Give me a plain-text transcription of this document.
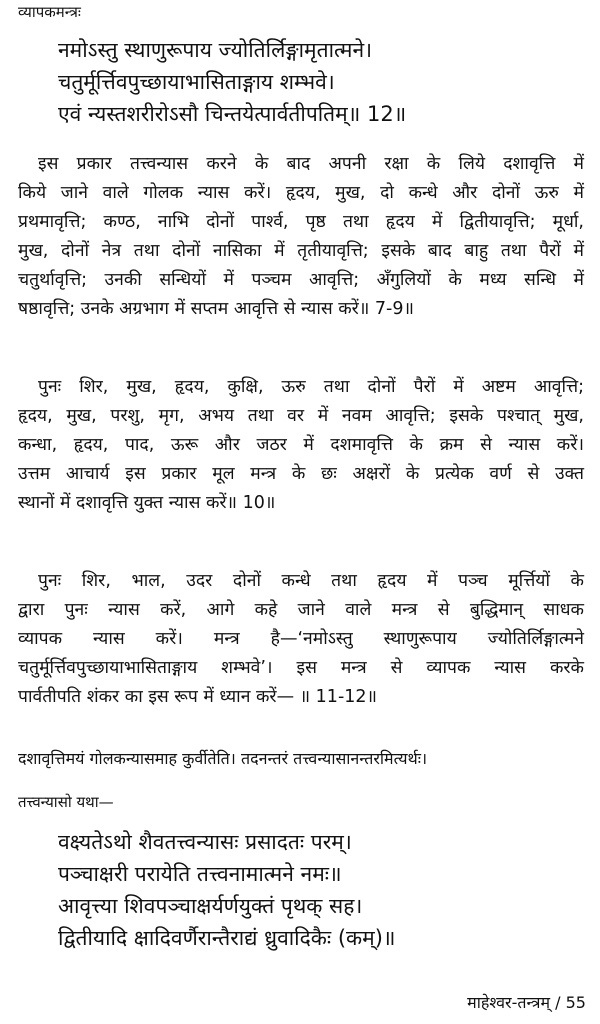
व्यापकमन्त्रः
नमोऽस्तु स्थाणुरूपाय ज्योतिर्लिङ्गामृतात्मने।
चतुर्मूर्त्तिवपुच्छायाभासिताङ्गाय शम्भवे।
एवं न्यस्तशरीरोऽसौ चिन्तयेत्पार्वतीपतिम्॥ 12॥
इस प्रकार तत्त्वन्यास करने के बाद अपनी रक्षा के लिये दशावृत्ति में
किये जाने वाले गोलक न्यास करें। हृदय, मुख, दो कन्धे और दोनों ऊरु में
प्रथमावृत्ति; कण्ठ, नाभि दोनों पार्श्व, पृष्ठ तथा हृदय में द्वितीयावृत्ति; मूर्धा,
मुख, दोनों नेत्र तथा दोनों नासिका में तृतीयावृत्ति; इसके बाद बाहु तथा पैरों में
चतुर्थावृत्ति; उनकी सन्धियों में पञ्चम आवृत्ति; अँगुलियों के मध्य सन्धि में
षष्ठावृत्ति; उनके अग्रभाग में सप्तम आवृत्ति से न्यास करें॥ 7-9॥
पुनः शिर, मुख, हृदय, कुक्षि, ऊरु तथा दोनों पैरों में अष्टम आवृत्ति;
हृदय, मुख, परशु, मृग, अभय तथा वर में नवम आवृत्ति; इसके पश्चात् मुख,
कन्धा, हृदय, पाद, ऊरू और जठर में दशमावृत्ति के क्रम से न्यास करें।
उत्तम आचार्य इस प्रकार मूल मन्त्र के छः अक्षरों के प्रत्येक वर्ण से उक्त
स्थानों में दशावृत्ति युक्त न्यास करें॥ 10॥
पुनः शिर, भाल, उदर दोनों कन्धे तथा हृदय में पञ्च मूर्त्तियों के
द्वारा पुनः न्यास करें, आगे कहे जाने वाले मन्त्र से बुद्धिमान् साधक
व्यापक न्यास करें। मन्त्र है—‘नमोऽस्तु स्थाणुरूपाय ज्योतिर्लिङ्गात्मने
चतुर्मूर्त्तिवपुच्छायाभासिताङ्गाय शम्भवे’। इस मन्त्र से व्यापक न्यास करके
पार्वतीपति शंकर का इस रूप में ध्यान करें— ॥ 11-12॥
दशावृत्तिमयं गोलकन्यासमाह कुर्वीतेति। तदनन्तरं तत्त्वन्यासानन्तरमित्यर्थः।
तत्त्वन्यासो यथा—
वक्ष्यतेऽथो शैवतत्त्वन्यासः प्रसादतः परम्।
पञ्चाक्षरी परायेति तत्त्वनामात्मने नमः॥
आवृत्त्या शिवपञ्चाक्षर्यर्णयुक्तं पृथक् सह।
द्वितीयादि क्षादिवर्णैरान्तैराद्यं ध्रुवादिकैः (कम्)॥
माहेश्वर-तन्त्रम् / 55
